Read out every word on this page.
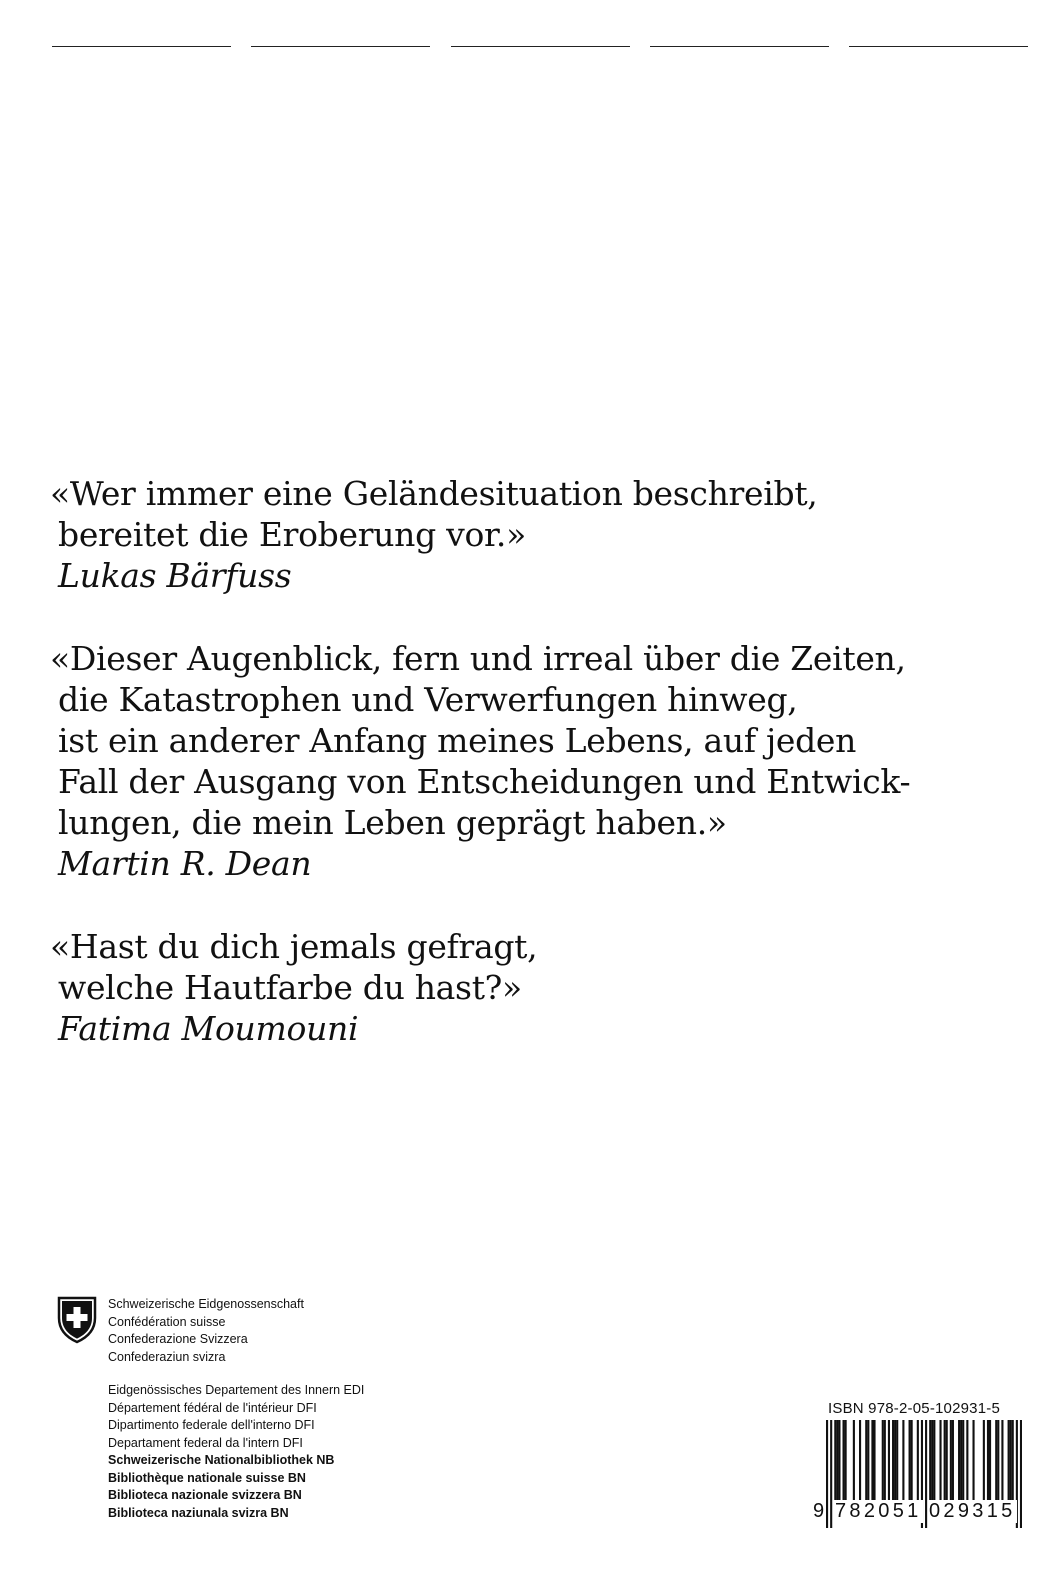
«Wer immer eine Geländesituation beschreibt,
bereitet die Eroberung vor.»
Lukas Bärfuss
«Dieser Augenblick, fern und irreal über die Zeiten,
die Katastrophen und Verwerfungen hinweg,
ist ein anderer Anfang meines Lebens, auf jeden
Fall der Ausgang von Entscheidungen und Entwick-
lungen, die mein Leben geprägt haben.»
Martin R. Dean
«Hast du dich jemals gefragt,
welche Hautfarbe du hast?»
Fatima Moumouni
Schweizerische Eidgenossenschaft
Confédération suisse
Confederazione Svizzera
Confederaziun svizra
Eidgenössisches Departement des Innern EDI
Département fédéral de l'intérieur DFI
Dipartimento federale dell'interno DFI
Departament federal da l'intern DFI
Schweizerische Nationalbibliothek NB
Bibliothèque nationale suisse BN
Biblioteca nazionale svizzera BN
Biblioteca naziunala svizra BN
ISBN 978-2-05-102931-5
9 782051 029315
